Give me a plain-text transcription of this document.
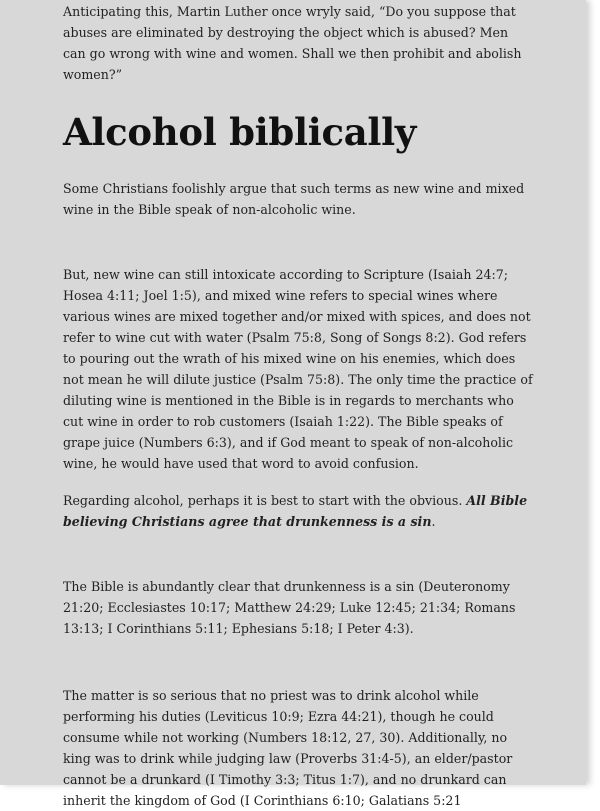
Anticipating this, Martin Luther once wryly said, “Do you suppose that abuses are eliminated by destroying the object which is abused? Men can go wrong with wine and women. Shall we then prohibit and abolish women?”

Alcohol biblically

Some Christians foolishly argue that such terms as new wine and mixed wine in the Bible speak of non-alcoholic wine.

But, new wine can still intoxicate according to Scripture (Isaiah 24:7; Hosea 4:11; Joel 1:5), and mixed wine refers to special wines where various wines are mixed together and/or mixed with spices, and does not refer to wine cut with water (Psalm 75:8, Song of Songs 8:2). God refers to pouring out the wrath of his mixed wine on his enemies, which does not mean he will dilute justice (Psalm 75:8). The only time the practice of diluting wine is mentioned in the Bible is in regards to merchants who cut wine in order to rob customers (Isaiah 1:22). The Bible speaks of grape juice (Numbers 6:3), and if God meant to speak of non-alcoholic wine, he would have used that word to avoid confusion.

Regarding alcohol, perhaps it is best to start with the obvious. All Bible believing Christians agree that drunkenness is a sin.

The Bible is abundantly clear that drunkenness is a sin (Deuteronomy 21:20; Ecclesiastes 10:17; Matthew 24:29; Luke 12:45; 21:34; Romans 13:13; I Corinthians 5:11; Ephesians 5:18; I Peter 4:3).

The matter is so serious that no priest was to drink alcohol while performing his duties (Leviticus 10:9; Ezra 44:21), though he could consume while not working (Numbers 18:12, 27, 30). Additionally, no king was to drink while judging law (Proverbs 31:4-5), an elder/pastor cannot be a drunkard (I Timothy 3:3; Titus 1:7), and no drunkard can inherit the kingdom of God (I Corinthians 6:10; Galatians 5:21
